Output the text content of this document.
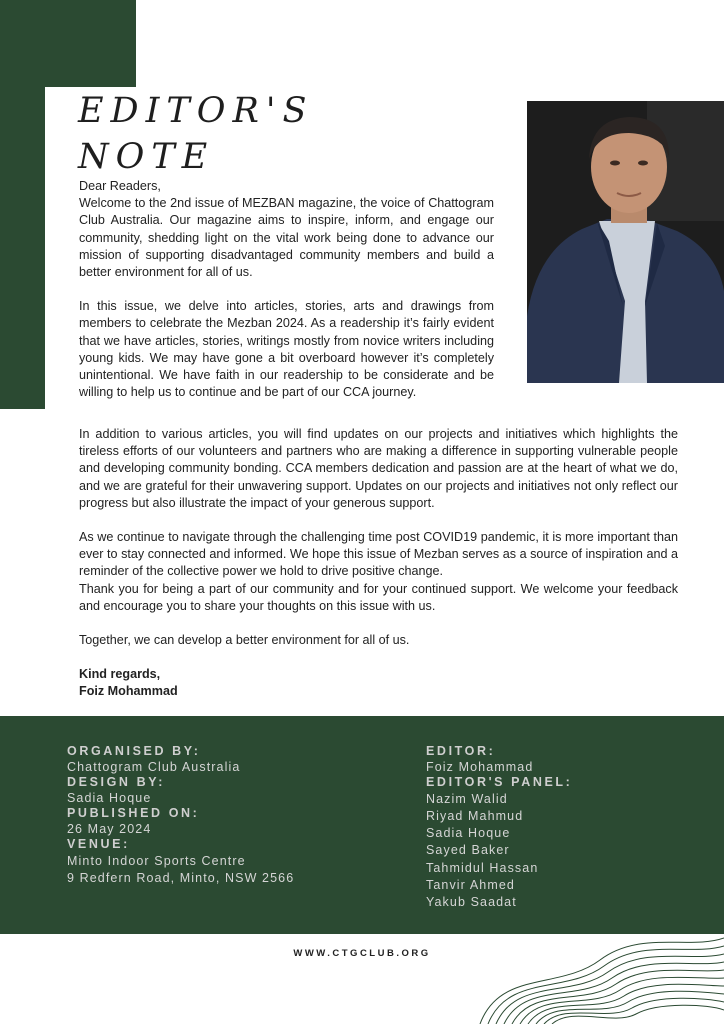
EDITOR'S
NOTE

Dear Readers,

Welcome to the 2nd issue of MEZBAN magazine, the voice of Chattogram Club Australia. Our magazine aims to inspire, inform, and engage our community, shedding light on the vital work being done to advance our mission of supporting disadvantaged community members and build a better environment for all of us.

In this issue, we delve into articles, stories, arts and drawings from members to celebrate the Mezban 2024. As a readership it’s fairly evident that we have articles, stories, writings mostly from novice writers including young kids. We may have gone a bit overboard however it’s completely unintentional. We have faith in our readership to be considerate and be willing to help us to continue and be part of our CCA journey.

In addition to various articles, you will find updates on our projects and initiatives which highlights the tireless efforts of our volunteers and partners who are making a difference in supporting vulnerable people and developing community bonding. CCA members dedication and passion are at the heart of what we do, and we are grateful for their unwavering support. Updates on our projects and initiatives not only reflect our progress but also illustrate the impact of your generous support.

As we continue to navigate through the challenging time post COVID19 pandemic, it is more important than ever to stay connected and informed. We hope this issue of Mezban serves as a source of inspiration and a reminder of the collective power we hold to drive positive change.

Thank you for being a part of our community and for your continued support. We welcome your feedback and encourage you to share your thoughts on this issue with us.

Together, we can develop a better environment for all of us.

Kind regards,

Foiz Mohammad

ORGANISED BY:
Chattogram Club Australia
DESIGN BY:
Sadia Hoque
PUBLISHED ON:
26 May 2024
VENUE:
Minto Indoor Sports Centre
9 Redfern Road, Minto, NSW 2566
EDITOR:
Foiz Mohammad
EDITOR'S PANEL:
Nazim Walid
Riyad Mahmud
Sadia Hoque
Sayed Baker
Tahmidul Hassan
Tanvir Ahmed
Yakub Saadat
WWW.CTGCLUB.ORG
